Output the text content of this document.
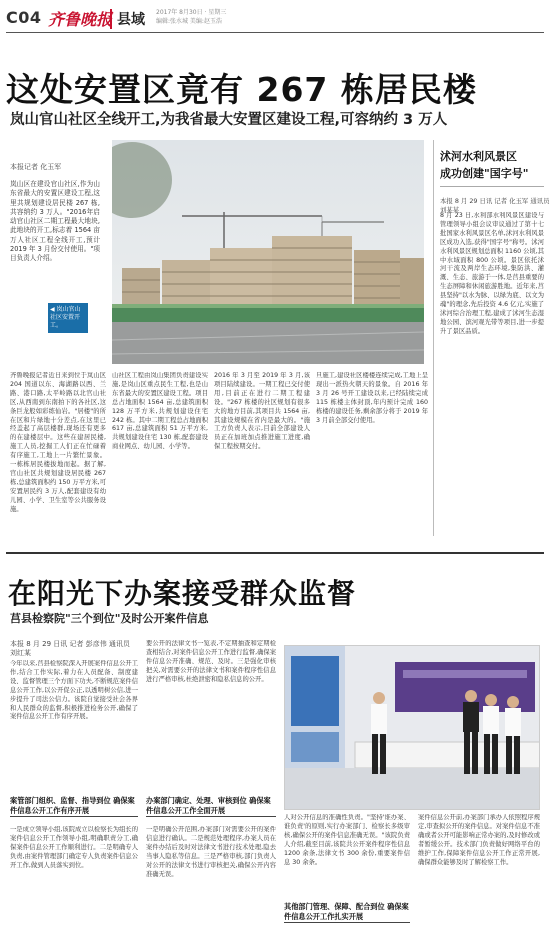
C04 齐鲁晚报 县域 2017年 8月30日 · 星期三
编辑:张水城 美编:赵玉浩
这处安置区竟有 267 栋居民楼
岚山官山社区全线开工,为我省最大安置区建设工程,可容纳约 3 万人
本报记者 化玉军
岚山区在建设官山社区,作为山东省最大的安置区建设工程,这里共规划建设居民楼 267 栋,共容纳约 3 万人。"2016年启动官山社区二期工程最大地块,此地块的开工,标志着 1564 亩万人社区工程全线开工,预计 2019 年 3 月份交付使用。"项目负责人介绍。
◀ 岚山官山社区安置开工。
沭河水利风景区
成功创建"国字号"
本报 8 月 29 日讯 记者 化玉军 通讯员 刘某某
8 月 23 日,水利部水利风景区建设与管理领导小组会议审议通过了第十七批国家水利风景区名单,沭河水利风景区成功入选,获得"国字号"称号。沭河水利风景区规划总面积 1160 公顷,其中水域面积 800 公顷。景区依托沭河干流及两岸生态环境,集防洪、灌溉、生态、旅游于一体,是莒县重要的生态屏障和休闲旅游胜地。近年来,莒县坚持"以水为脉、以绿为底、以文为魂"的理念,先后投资 4.6 亿元,实施了沭河综合治理工程,建成了沭河生态湿地公园、滨河观光带等项目,进一步提升了景区品质。
齐鲁晚报记者近日来到位于岚山区 204 国道以东、海湖路以西、兰路、港口路,太平岭路以北官山社区,从西南到东南拍下的各社区,这条巨龙般如彩练仙岩。"居楼"的所在区和片绿地十分差点,在这里已经盖起了高层楼群,现场还有更多的在建楼层中。这些在建居民楼,施工人员,挖掘工人们正在忙碌着有序施工,工地上一片繁忙景象。一栋栋居民楼拔地而起。据了解,官山社区共规划建设居民楼 267 栋,总建筑面积约 150 万平方米,可安置居民约 3 万人,配套建设有幼儿园、小学、卫生室等公共服务设施。
山社区工程由岚山集团负责建设实施,是岚山区重点民生工程,也是山东省最大的安置区建设工程。项目总占地面积 1564 亩,总建筑面积 128 万平方米,共规划建设住宅 242 栋。其中二期工程总占地面积 617 亩,总建筑面积 51 万平方米,共规划建设住宅 130 栋,配套建设商业网点、幼儿园、小学等。
2016 年 3 月至 2019 年 3 月,该项目陆续建设。一期工程已交付使用,目前正在进行二期工程建设。"267 栋楼的社区规划有很多大的地方目前,其项目共 1564 亩,其建设规模在省内是最大的。"施工方负责人表示,目前全部建设人员正在加班加点推进施工进度,确保工程按期交付。
旦施工,建设社区楼楼连续完成,工地上呈现出一派热火朝天的景象。自 2016 年 3 月 26 号开工建设以来,已经陆续完成 115 栋楼主体封顶,年内预计完成 160 栋楼的建设任务,剩余部分将于 2019 年 3 月前全部交付使用。
在阳光下办案接受群众监督
莒县检察院"三个到位"及时公开案件信息
本报 8 月 29 日讯 记者 彭彦伟 通讯员 刘红某
今年以来,莒县检察院深入开展案件信息公开工作,结合工作实际,着力在人员配备、制度建设、监督管理三个方面下功夫,不断规范案件信息公开工作,以公开促公正,以透明树公信,进一步提升了司法公信力。该院自觉接受社会各界和人民群众的监督,积极推进检务公开,确保了案件信息公开工作有序开展。
案管部门组织、监督、指导到位 确保案件信息公开工作有序开展
一是成立领导小组,该院成立以检察长为组长的案件信息公开工作领导小组,明确职责分工,确保案件信息公开工作顺利进行。二是明确专人负责,由案件管理部门确定专人负责案件信息公开工作,做到人员落实到位。
要公开的法律文书一览表,不定期抽查和定期检查相结合,对案件信息公开工作进行监督,确保案件信息公开准确、规范、及时。三是强化审核把关,对需要公开的法律文书和案件程序性信息进行严格审核,杜绝泄密和隐私信息的公开。
办案部门确定、处理、审核到位 确保案件信息公开工作全面开展
一是明确公开范围,办案部门对需要公开的案件信息进行确认。二是规范处理程序,办案人员在案件办结后及时对法律文书进行技术处理,隐去当事人隐私等信息。三是严格审核,部门负责人对公开的法律文书进行审核把关,确保公开内容准确无误。
人对公开信息的准确性负责。"坚持'谁办案、谁负责'的原则,实行办案部门、检察长多级审核,确保公开的案件信息准确无误。"该院负责人介绍,截至目前,该院共公开案件程序性信息 1200 余条,法律文书 300 余份,重要案件信息 30 余条。
其他部门管理、保障、配合到位 确保案件信息公开工作扎实开展
案件信息公开前,办案部门承办人依照程序规定,审查拟公开的案件信息。对案件信息不准确或者公开可能影响正常办案的,及时修改或者暂缓公开。技术部门负责做好网络平台的维护工作,保障案件信息公开工作正常开展,确保群众能够及时了解检察工作。
